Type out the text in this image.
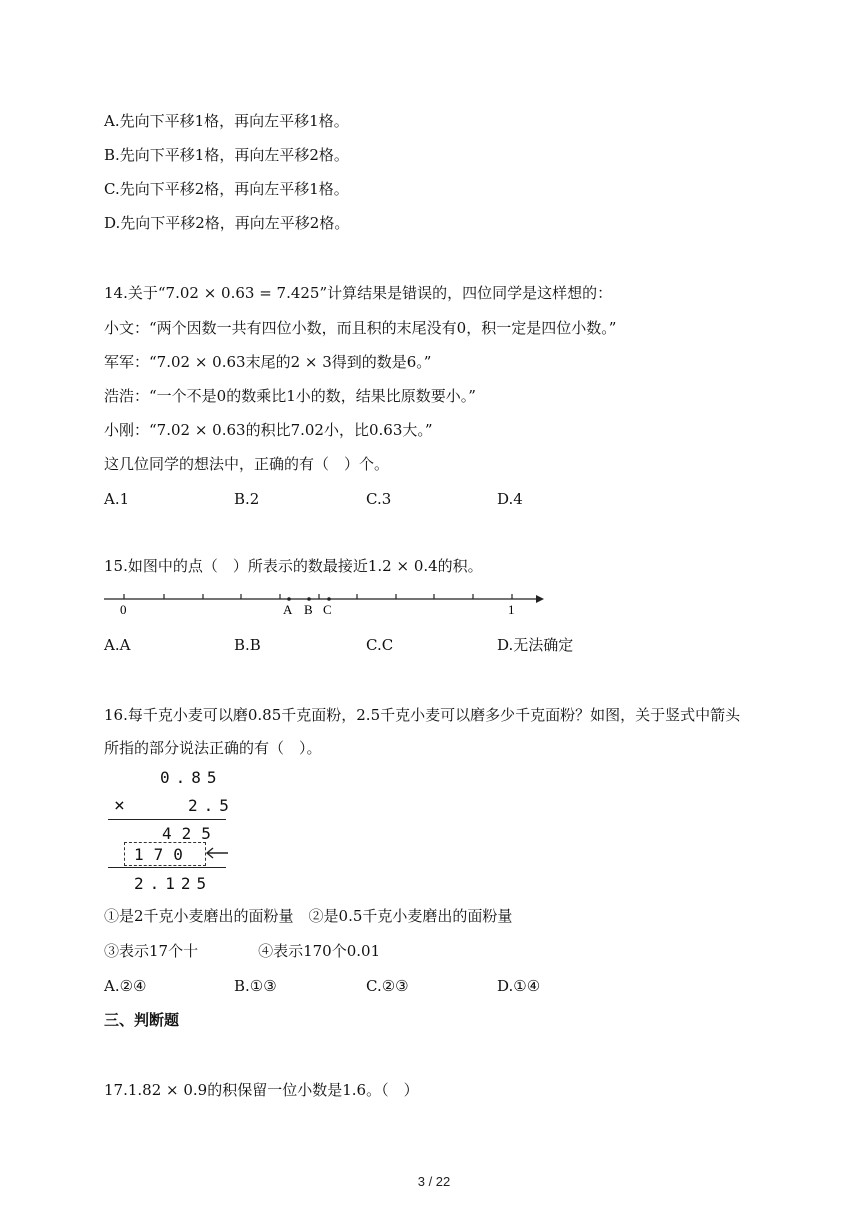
A.先向下平移1格，再向左平移1格。
B.先向下平移1格，再向左平移2格。
C.先向下平移2格，再向左平移1格。
D.先向下平移2格，再向左平移2格。
14.关于“7.02 × 0.63 = 7.425”计算结果是错误的，四位同学是这样想的：
小文：“两个因数一共有四位小数，而且积的末尾没有0，积一定是四位小数。”
军军：“7.02 × 0.63末尾的2 × 3得到的数是6。”
浩浩：“一个不是0的数乘比1小的数，结果比原数要小。”
小刚：“7.02 × 0.63的积比7.02小，比0.63大。”
这几位同学的想法中，正确的有（　）个。
A.1	B.2	C.3	D.4
15.如图中的点（　）所表示的数最接近1.2 × 0.4的积。
0	1
A B C
A.A	B.B	C.C	D.无法确定
16.每千克小麦可以磨0.85千克面粉，2.5千克小麦可以磨多少千克面粉？如图，关于竖式中箭头
所指的部分说法正确的有（　）。
0.85
×	2.5
425
170
2.125
①是2千克小麦磨出的面粉量　②是0.5千克小麦磨出的面粉量
③表示17个十　　　　④表示170个0.01
A.②④	B.①③	C.②③	D.①④
三、判断题
17.1.82 × 0.9的积保留一位小数是1.6。（　）
3 / 22
